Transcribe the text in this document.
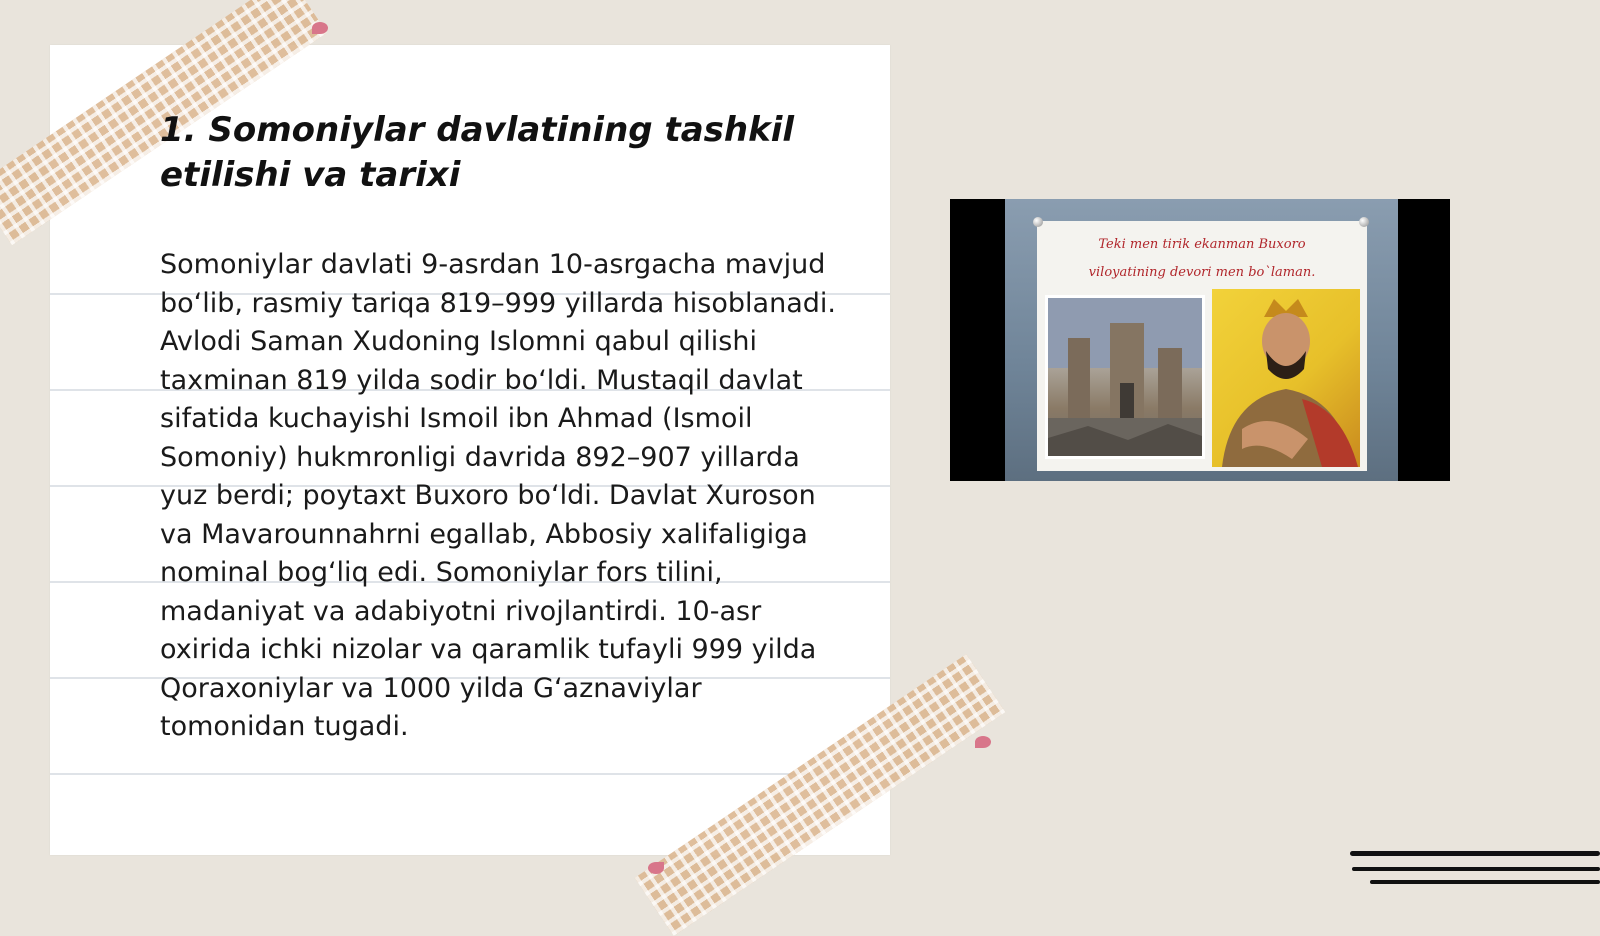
1. Somoniylar davlatining tashkil etilishi va tarixi

Somoniylar davlati 9-asrdan 10-asrgacha mavjud bo‘lib, rasmiy tariqa 819–999 yillarda hisoblanadi. Avlodi Saman Xudoning Islomni qabul qilishi taxminan 819 yilda sodir bo‘ldi. Mustaqil davlat sifatida kuchayishi Ismoil ibn Ahmad (Ismoil Somoniy) hukmronligi davrida 892–907 yillarda yuz berdi; poytaxt Buxoro bo‘ldi. Davlat Xuroson va Mavarounnahrni egallab, Abbosiy xalifaligiga nominal bog‘liq edi. Somoniylar fors tilini, madaniyat va adabiyotni rivojlantirdi. 10-asr oxirida ichki nizolar va qaramlik tufayli 999 yilda Qoraxoniylar va 1000 yilda G‘aznaviylar tomonidan tugadi.

Teki men tirik ekanman Buxoro
viloyatining devori men bo`laman.
